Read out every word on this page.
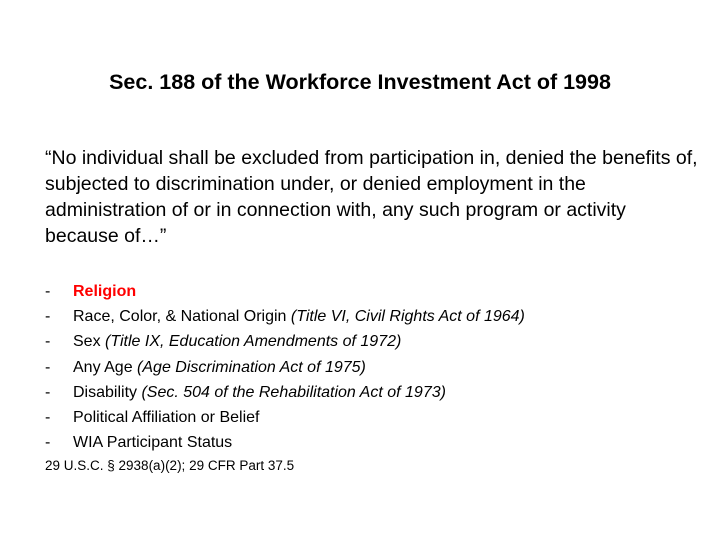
Sec. 188 of the Workforce Investment Act of 1998
“No individual shall be excluded from participation in, denied the benefits of, subjected to discrimination under, or denied employment in the administration of or in connection with, any such program or activity because of…”
-	Religion
-	Race, Color, & National Origin (Title VI, Civil Rights Act of 1964)
-	Sex (Title IX, Education Amendments of 1972)
-	Any Age (Age Discrimination Act of 1975)
-	Disability (Sec. 504 of the Rehabilitation Act of 1973)
-	Political Affiliation or Belief
-	WIA Participant Status
29 U.S.C. § 2938(a)(2); 29 CFR Part 37.5
